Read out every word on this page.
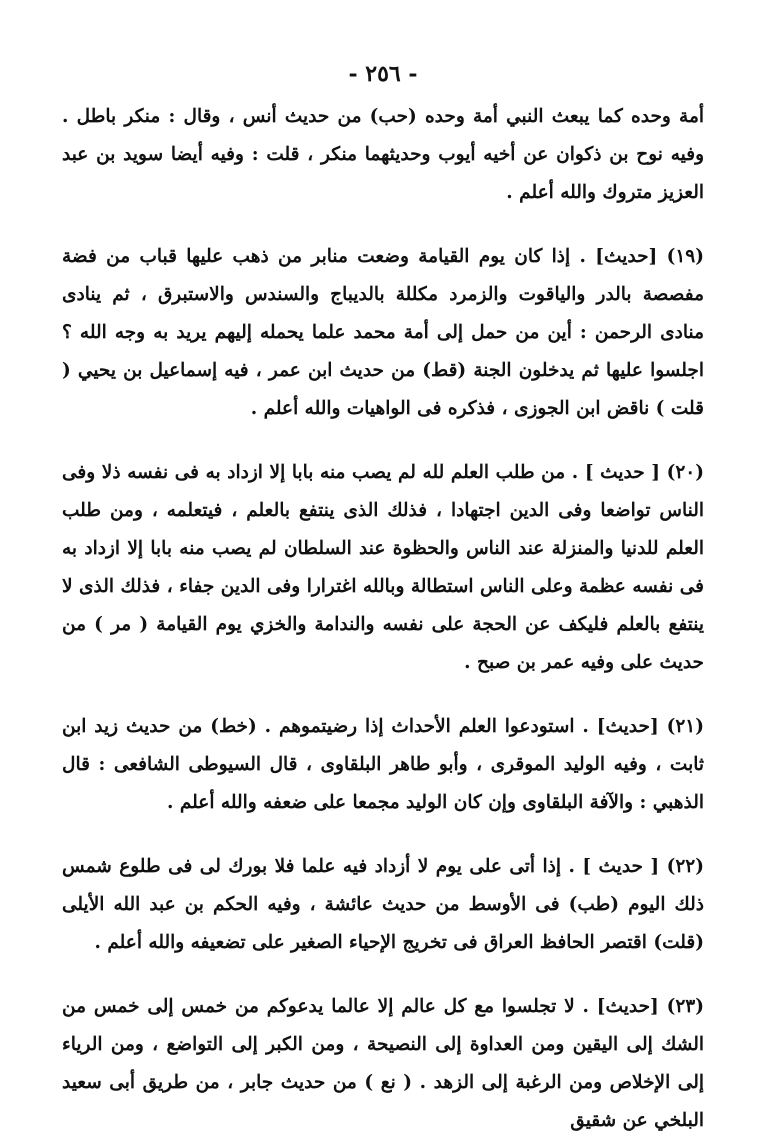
- ٢٥٦ -

أمة وحده كما يبعث النبي أمة وحده (حب) من حديث أنس ، وقال : منكر باطل . وفيه نوح بن ذكوان عن أخيه أيوب وحديثهما منكر ، قلت : وفيه أيضا سويد بن عبد العزيز متروك والله أعلم .

(١٩) [حديث] . إذا كان يوم القيامة وضعت منابر من ذهب عليها قباب من فضة مفصصة بالدر والياقوت والزمرد مكللة بالديباج والسندس والاستبرق ، ثم ينادى منادى الرحمن : أين من حمل إلى أمة محمد علما يحمله إليهم يريد به وجه الله ؟ اجلسوا عليها ثم يدخلون الجنة (قط) من حديث ابن عمر ، فيه إسماعيل بن يحيي ( قلت ) ناقض ابن الجوزى ، فذكره فى الواهيات والله أعلم .

(٢٠) [ حديث ] . من طلب العلم لله لم يصب منه بابا إلا ازداد به فى نفسه ذلا وفى الناس تواضعا وفى الدين اجتهادا ، فذلك الذى ينتفع بالعلم ، فيتعلمه ، ومن طلب العلم للدنيا والمنزلة عند الناس والحظوة عند السلطان لم يصب منه بابا إلا ازداد به فى نفسه عظمة وعلى الناس استطالة وبالله اغترارا وفى الدين جفاء ، فذلك الذى لا ينتفع بالعلم فليكف عن الحجة على نفسه والندامة والخزي يوم القيامة ( مر ) من حديث على وفيه عمر بن صبح .

(٢١) [حديث] . استودعوا العلم الأحداث إذا رضيتموهم . (خط) من حديث زيد ابن ثابت ، وفيه الوليد الموقرى ، وأبو طاهر البلقاوى ، قال السيوطى الشافعى : قال الذهبي : والآفة البلقاوى وإن كان الوليد مجمعا على ضعفه والله أعلم .

(٢٢) [ حديث ] . إذا أتى على يوم لا أزداد فيه علما فلا بورك لى فى طلوع شمس ذلك اليوم (طب) فى الأوسط من حديث عائشة ، وفيه الحكم بن عبد الله الأيلى (قلت) اقتصر الحافظ العراق فى تخريج الإحياء الصغير على تضعيفه والله أعلم .

(٢٣) [حديث] . لا تجلسوا مع كل عالم إلا عالما يدعوكم من خمس إلى خمس من الشك إلى اليقين ومن العداوة إلى النصيحة ، ومن الكبر إلى التواضع ، ومن الرياء إلى الإخلاص ومن الرغبة إلى الزهد . ( نع ) من حديث جابر ، من طريق أبى سعيد البلخي عن شقيق
